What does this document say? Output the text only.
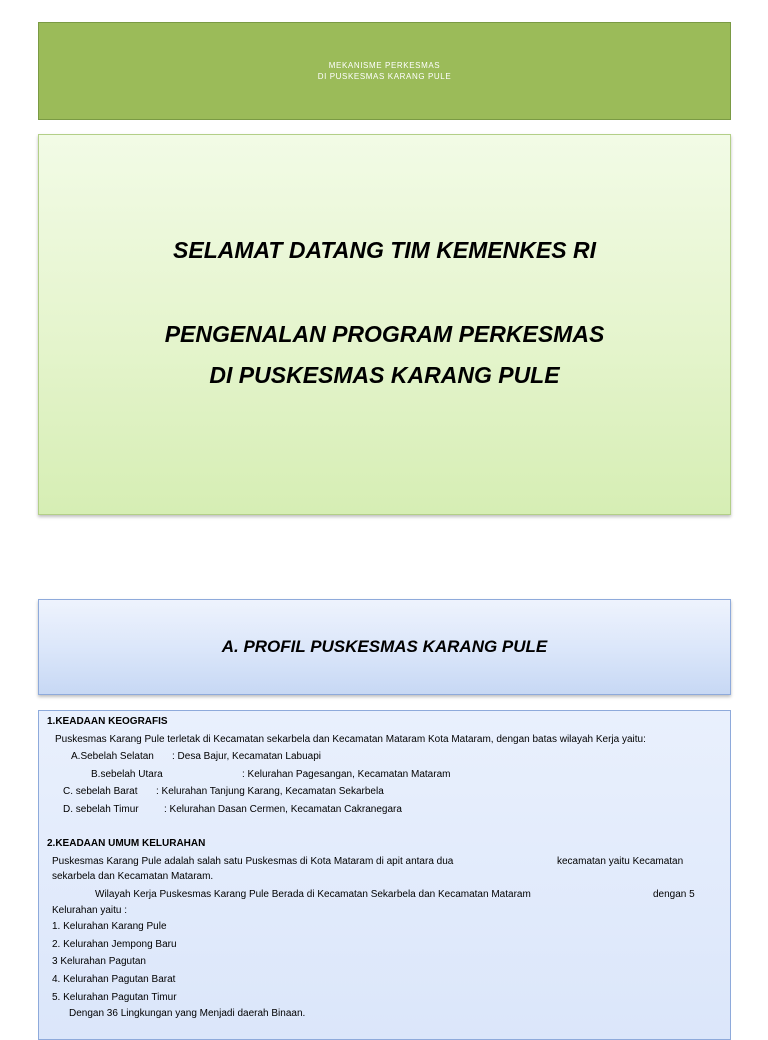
MEKANISME PERKESMAS
DI PUSKESMAS KARANG PULE
SELAMAT DATANG TIM KEMENKES RI
PENGENALAN PROGRAM PERKESMAS
DI PUSKESMAS KARANG PULE
A. PROFIL PUSKESMAS KARANG PULE
1.KEADAAN KEOGRAFIS
Puskesmas Karang Pule terletak di Kecamatan sekarbela dan Kecamatan Mataram Kota Mataram, dengan batas wilayah Kerja yaitu:
A.Sebelah Selatan : Desa Bajur, Kecamatan Labuapi
B.sebelah Utara	: Kelurahan Pagesangan, Kecamatan Mataram
C. sebelah Barat : Kelurahan Tanjung Karang, Kecamatan Sekarbela
D. sebelah Timur	: Kelurahan Dasan Cermen, Kecamatan Cakranegara
2.KEADAAN UMUM KELURAHAN
Puskesmas Karang Pule adalah salah satu Puskesmas di Kota Mataram di apit antara dua	kecamatan yaitu Kecamatan
sekarbela dan Kecamatan Mataram.
Wilayah Kerja Puskesmas Karang Pule Berada di Kecamatan Sekarbela dan Kecamatan Mataram	dengan 5
Kelurahan yaitu :
1. Kelurahan Karang Pule
2. Kelurahan Jempong Baru
3 Kelurahan Pagutan
4. Kelurahan Pagutan Barat
5. Kelurahan Pagutan Timur
Dengan 36 Lingkungan yang Menjadi daerah Binaan.
